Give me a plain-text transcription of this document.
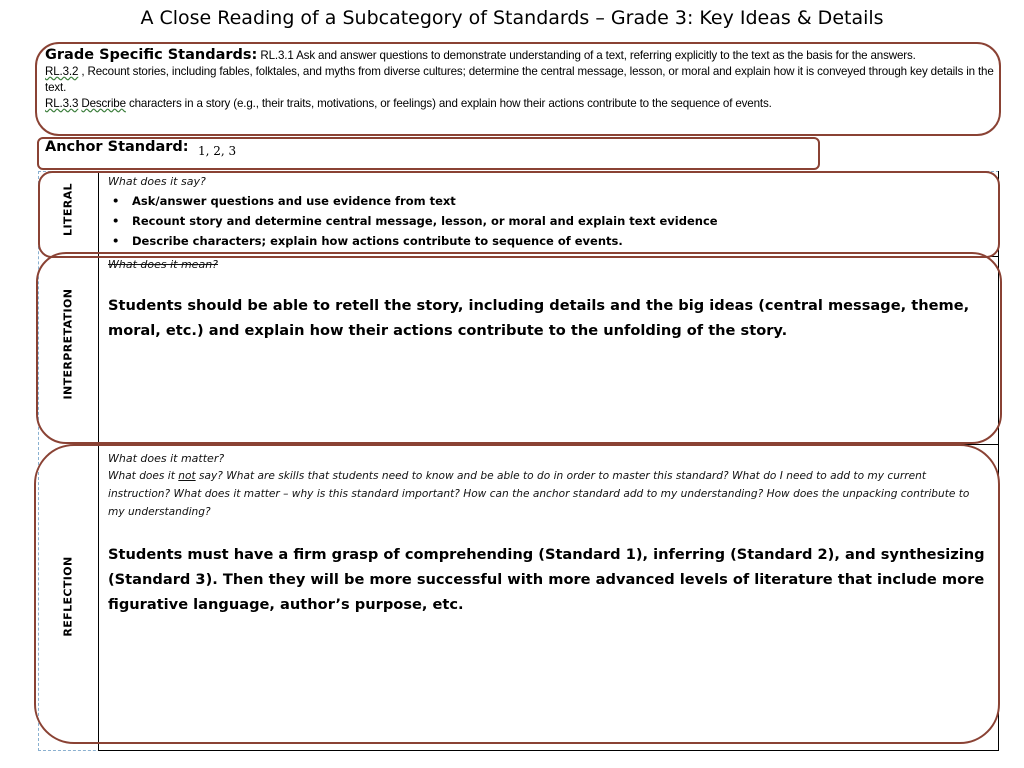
A Close Reading of a Subcategory of Standards – Grade 3: Key Ideas & Details
Grade Specific Standards: RL.3.1 Ask and answer questions to demonstrate understanding of a text, referring explicitly to the text as the basis for the answers.
RL.3.2 , Recount stories, including fables, folktales, and myths from diverse cultures; determine the central message, lesson, or moral and explain how it is conveyed through key details in the text.
RL.3.3 Describe characters in a story (e.g., their traits, motivations, or feelings) and explain how their actions contribute to the sequence of events.
Anchor Standard: 1, 2, 3
LITERAL
What does it say?
• Ask/answer questions and use evidence from text
• Recount story and determine central message, lesson, or moral and explain text evidence
• Describe characters; explain how actions contribute to sequence of events.
INTERPRETATION
What does it mean?
Students should be able to retell the story, including details and the big ideas (central message, theme, moral, etc.) and explain how their actions contribute to the unfolding of the story.
REFLECTION
What does it matter?
What does it not say? What are skills that students need to know and be able to do in order to master this standard? What do I need to add to my current instruction? What does it matter – why is this standard important? How can the anchor standard add to my understanding? How does the unpacking contribute to my understanding?
Students must have a firm grasp of comprehending (Standard 1), inferring (Standard 2), and synthesizing (Standard 3). Then they will be more successful with more advanced levels of literature that include more figurative language, author’s purpose, etc.
